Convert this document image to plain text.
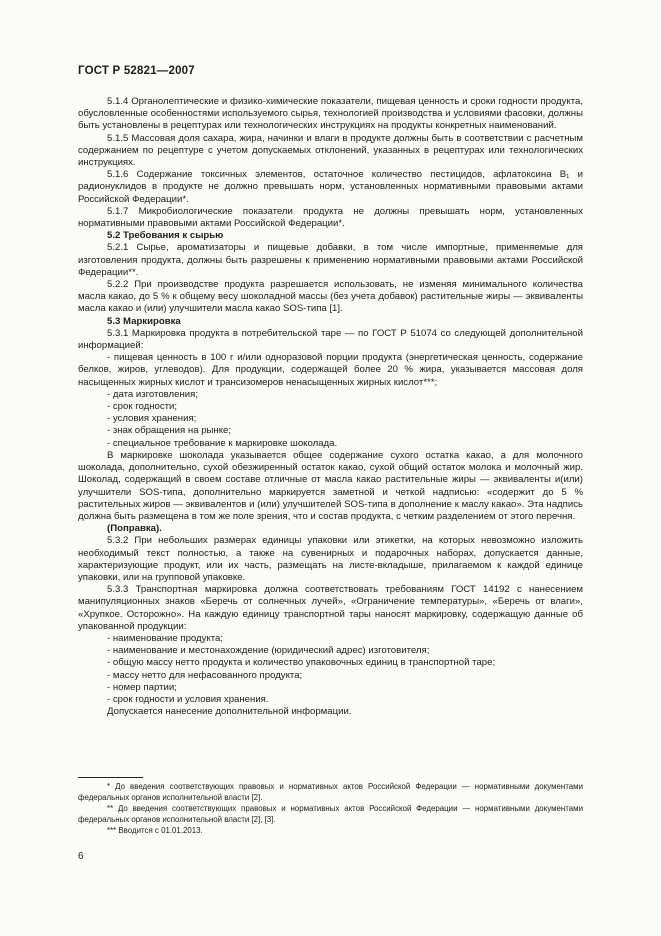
ГОСТ Р 52821—2007

5.1.4 Органолептические и физико-химические показатели, пищевая ценность и сроки годности продукта, обусловленные особенностями используемого сырья, технологией производства и условиями фасовки, должны быть установлены в рецептурах или технологических инструкциях на продукты конкретных наименований.

5.1.5 Массовая доля сахара, жира, начинки и влаги в продукте должны быть в соответствии с расчетным содержанием по рецептуре с учетом допускаемых отклонений, указанных в рецептурах или технологических инструкциях.

5.1.6 Содержание токсичных элементов, остаточное количество пестицидов, афлатоксина B₁ и радионуклидов в продукте не должно превышать норм, установленных нормативными правовыми актами Российской Федерации*.

5.1.7 Микробиологические показатели продукта не должны превышать норм, установленных нормативными правовыми актами Российской Федерации*.

5.2 Требования к сырью

5.2.1 Сырье, ароматизаторы и пищевые добавки, в том числе импортные, применяемые для изготовления продукта, должны быть разрешены к применению нормативными правовыми актами Российской Федерации**.

5.2.2 При производстве продукта разрешается использовать, не изменяя минимального количества масла какао, до 5 % к общему весу шоколадной массы (без учета добавок) растительные жиры — эквиваленты масла какао и (или) улучшители масла какао SOS-типа [1].

5.3 Маркировка

5.3.1 Маркировка продукта в потребительской таре — по ГОСТ Р 51074 со следующей дополнительной информацией:

- пищевая ценность в 100 г и/или одноразовой порции продукта (энергетическая ценность, содержание белков, жиров, углеводов). Для продукции, содержащей более 20 % жира, указывается массовая доля насыщенных жирных кислот и трансизомеров ненасыщенных жирных кислот***;

- дата изготовления;

- срок годности;

- условия хранения;

- знак обращения на рынке;

- специальное требование к маркировке шоколада.

В маркировке шоколада указывается общее содержание сухого остатка какао, а для молочного шоколада, дополнительно, сухой обезжиренный остаток какао, сухой общий остаток молока и молочный жир. Шоколад, содержащий в своем составе отличные от масла какао растительные жиры — эквиваленты и(или) улучшители SOS-типа, дополнительно маркируется заметной и четкой надписью: «содержит до 5 % растительных жиров — эквивалентов и (или) улучшителей SOS-типа в дополнение к маслу какао». Эта надпись должна быть размещена в том же поле зрения, что и состав продукта, с четким разделением от этого перечня.

(Поправка).

5.3.2 При небольших размерах единицы упаковки или этикетки, на которых невозможно изложить необходимый текст полностью, а также на сувенирных и подарочных наборах, допускается данные, характеризующие продукт, или их часть, размещать на листе-вкладыше, прилагаемом к каждой единице упаковки, или на групповой упаковке.

5.3.3 Транспортная маркировка должна соответствовать требованиям ГОСТ 14192 с нанесением манипуляционных знаков «Беречь от солнечных лучей», «Ограничение температуры», «Беречь от влаги», «Хрупкое. Осторожно». На каждую единицу транспортной тары наносят маркировку, содержащую данные об упакованной продукции:

- наименование продукта;

- наименование и местонахождение (юридический адрес) изготовителя;

- общую массу нетто продукта и количество упаковочных единиц в транспортной таре;

- массу нетто для нефасованного продукта;

- номер партии;

- срок годности и условия хранения.

Допускается нанесение дополнительной информации.

* До введения соответствующих правовых и нормативных актов Российской Федерации — нормативными документами федеральных органов исполнительной власти [2].

** До введения соответствующих правовых и нормативных актов Российской Федерации — нормативными документами федеральных органов исполнительной власти [2], [3].

*** Вводится с 01.01.2013.

6
